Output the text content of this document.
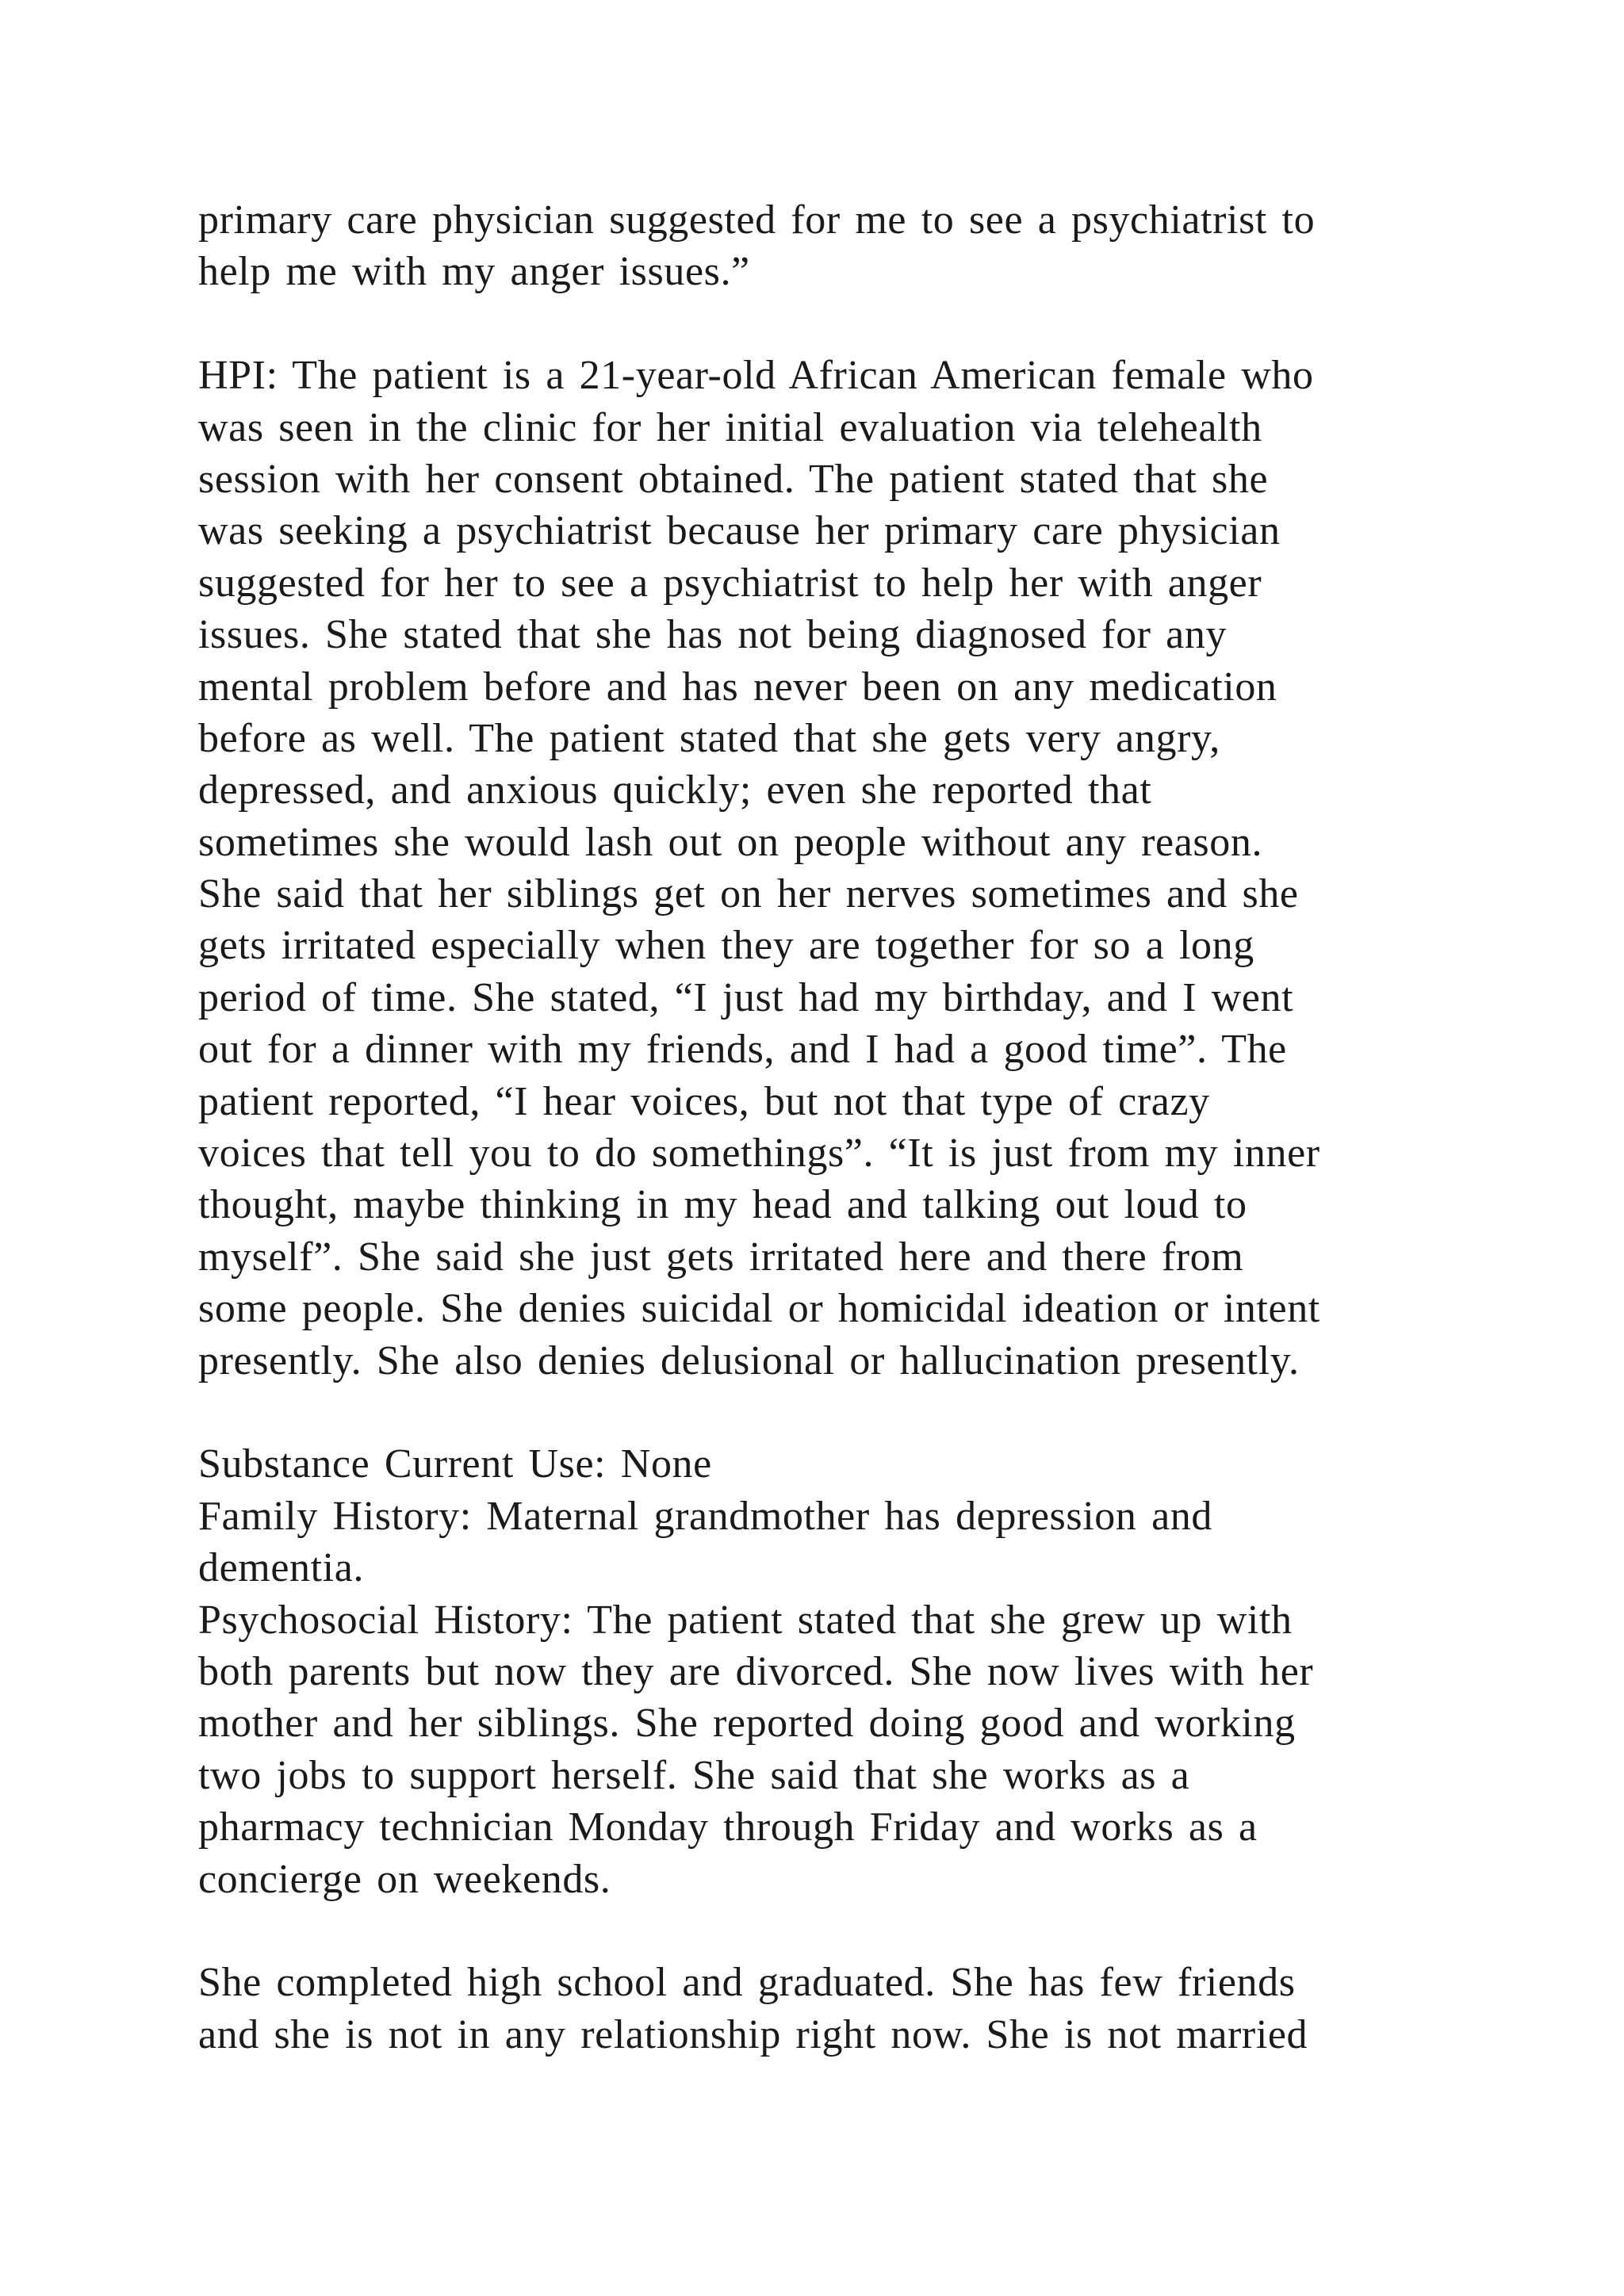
primary care physician suggested for me to see a psychiatrist to
help me with my anger issues.”
HPI: The patient is a 21-year-old African American female who
was seen in the clinic for her initial evaluation via telehealth
session with her consent obtained. The patient stated that she
was seeking a psychiatrist because her primary care physician
suggested for her to see a psychiatrist to help her with anger
issues. She stated that she has not being diagnosed for any
mental problem before and has never been on any medication
before as well. The patient stated that she gets very angry,
depressed, and anxious quickly; even she reported that
sometimes she would lash out on people without any reason.
She said that her siblings get on her nerves sometimes and she
gets irritated especially when they are together for so a long
period of time. She stated, “I just had my birthday, and I went
out for a dinner with my friends, and I had a good time”. The
patient reported, “I hear voices, but not that type of crazy
voices that tell you to do somethings”. “It is just from my inner
thought, maybe thinking in my head and talking out loud to
myself”. She said she just gets irritated here and there from
some people. She denies suicidal or homicidal ideation or intent
presently. She also denies delusional or hallucination presently.
Substance Current Use: None
Family History: Maternal grandmother has depression and
dementia.
Psychosocial History: The patient stated that she grew up with
both parents but now they are divorced. She now lives with her
mother and her siblings. She reported doing good and working
two jobs to support herself. She said that she works as a
pharmacy technician Monday through Friday and works as a
concierge on weekends.
She completed high school and graduated. She has few friends
and she is not in any relationship right now. She is not married
